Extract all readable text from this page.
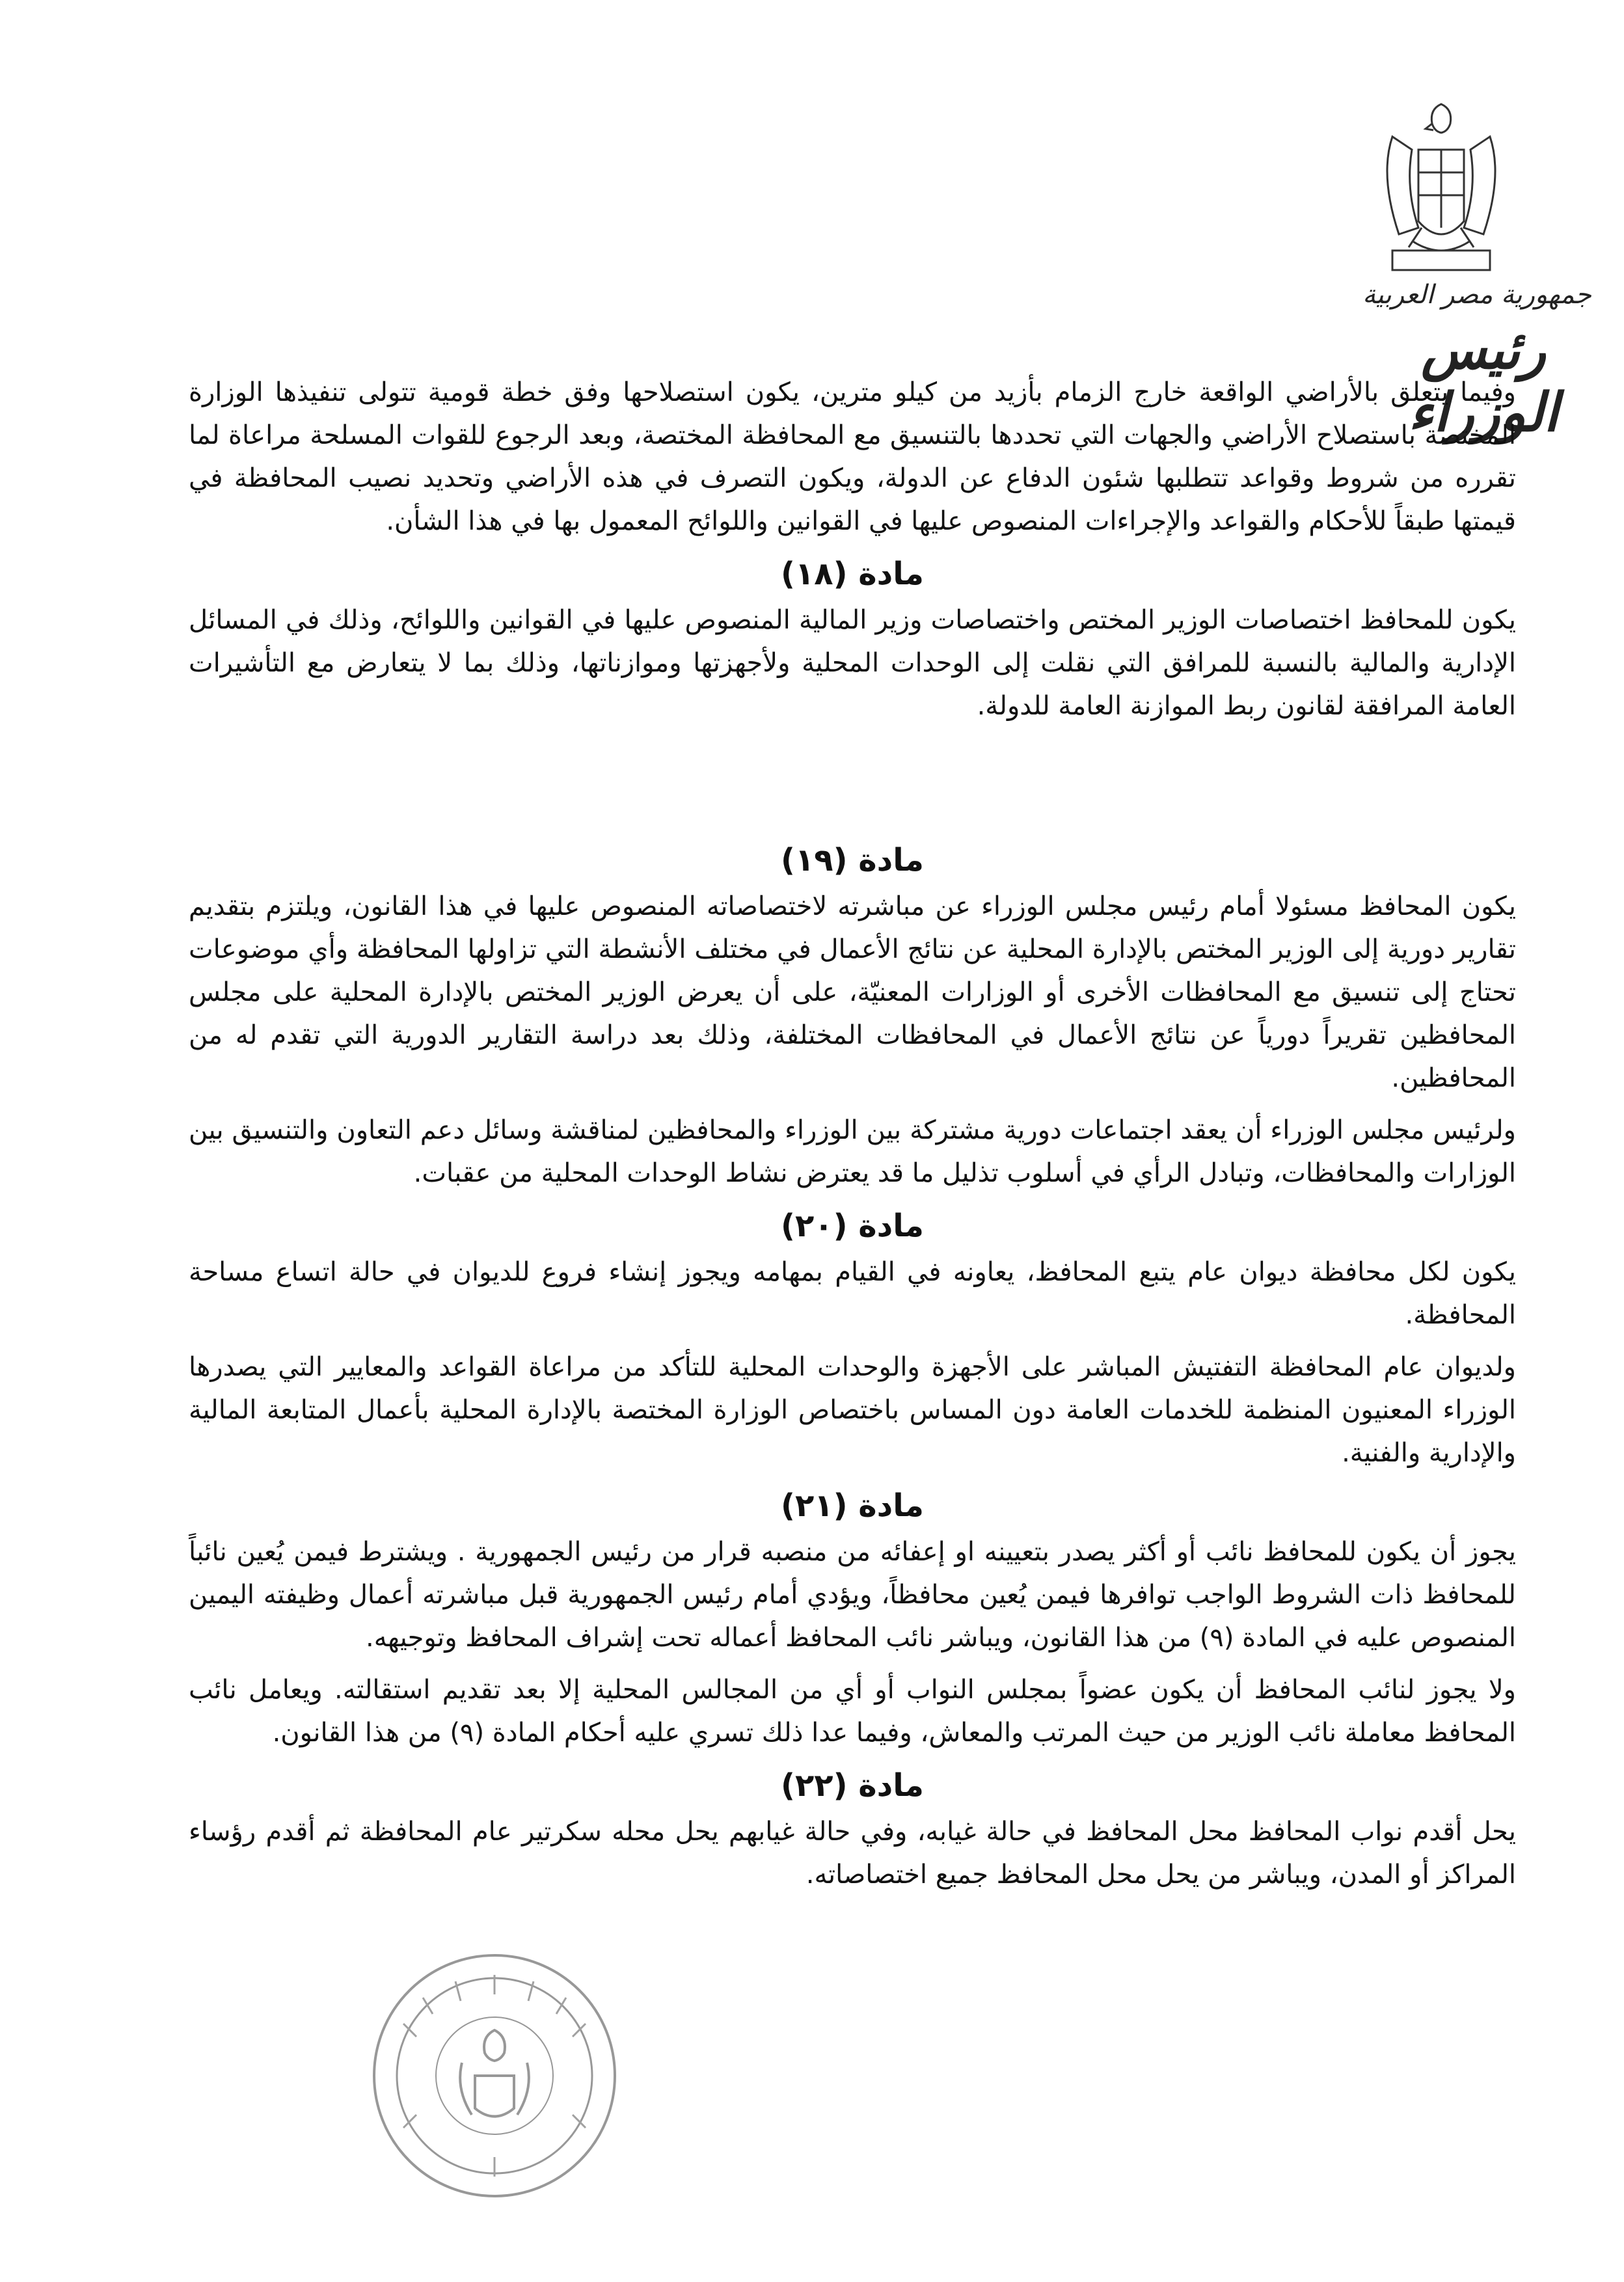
جمهورية مصر العربية
رئيس الوزراء

وفيما يتعلق بالأراضي الواقعة خارج الزمام بأزيد من كيلو مترين، يكون استصلاحها وفق خطة قومية تتولى تنفيذها الوزارة المختصة باستصلاح الأراضي والجهات التي تحددها بالتنسيق مع المحافظة المختصة، وبعد الرجوع للقوات المسلحة مراعاة لما تقرره من شروط وقواعد تتطلبها شئون الدفاع عن الدولة، ويكون التصرف في هذه الأراضي وتحديد نصيب المحافظة في قيمتها طبقاً للأحكام والقواعد والإجراءات المنصوص عليها في القوانين واللوائح المعمول بها في هذا الشأن.

مادة (١٨)

يكون للمحافظ اختصاصات الوزير المختص واختصاصات وزير المالية المنصوص عليها في القوانين واللوائح، وذلك في المسائل الإدارية والمالية بالنسبة للمرافق التي نقلت إلى الوحدات المحلية ولأجهزتها وموازناتها، وذلك بما لا يتعارض مع التأشيرات العامة المرافقة لقانون ربط الموازنة العامة للدولة.

مادة (١٩)

يكون المحافظ مسئولا أمام رئيس مجلس الوزراء عن مباشرته لاختصاصاته المنصوص عليها في هذا القانون، ويلتزم بتقديم تقارير دورية إلى الوزير المختص بالإدارة المحلية عن نتائج الأعمال في مختلف الأنشطة التي تزاولها المحافظة وأي موضوعات تحتاج إلى تنسيق مع المحافظات الأخرى أو الوزارات المعنيّة، على أن يعرض الوزير المختص بالإدارة المحلية على مجلس المحافظين تقريراً دورياً عن نتائج الأعمال في المحافظات المختلفة، وذلك بعد دراسة التقارير الدورية التي تقدم له من المحافظين.

ولرئيس مجلس الوزراء أن يعقد اجتماعات دورية مشتركة بين الوزراء والمحافظين لمناقشة وسائل دعم التعاون والتنسيق بين الوزارات والمحافظات، وتبادل الرأي في أسلوب تذليل ما قد يعترض نشاط الوحدات المحلية من عقبات.

مادة (٢٠)

يكون لكل محافظة ديوان عام يتبع المحافظ، يعاونه في القيام بمهامه ويجوز إنشاء فروع للديوان في حالة اتساع مساحة المحافظة.

ولديوان عام المحافظة التفتيش المباشر على الأجهزة والوحدات المحلية للتأكد من مراعاة القواعد والمعايير التي يصدرها الوزراء المعنيون المنظمة للخدمات العامة دون المساس باختصاص الوزارة المختصة بالإدارة المحلية بأعمال المتابعة المالية والإدارية والفنية.

مادة (٢١)

يجوز أن يكون للمحافظ نائب أو أكثر يصدر بتعيينه او إعفائه من منصبه قرار من رئيس الجمهورية . ويشترط فيمن يُعين نائباً للمحافظ ذات الشروط الواجب توافرها فيمن يُعين محافظاً، ويؤدي أمام رئيس الجمهورية قبل مباشرته أعمال وظيفته اليمين المنصوص عليه في المادة (٩) من هذا القانون، ويباشر نائب المحافظ أعماله تحت إشراف المحافظ وتوجيهه.

ولا يجوز لنائب المحافظ أن يكون عضواً بمجلس النواب أو أي من المجالس المحلية إلا بعد تقديم استقالته. ويعامل نائب المحافظ معاملة نائب الوزير من حيث المرتب والمعاش، وفيما عدا ذلك تسري عليه أحكام المادة (٩) من هذا القانون.

مادة (٢٢)

يحل أقدم نواب المحافظ محل المحافظ في حالة غيابه، وفي حالة غيابهم يحل محله سكرتير عام المحافظة ثم أقدم رؤساء المراكز أو المدن، ويباشر من يحل محل المحافظ جميع اختصاصاته.
